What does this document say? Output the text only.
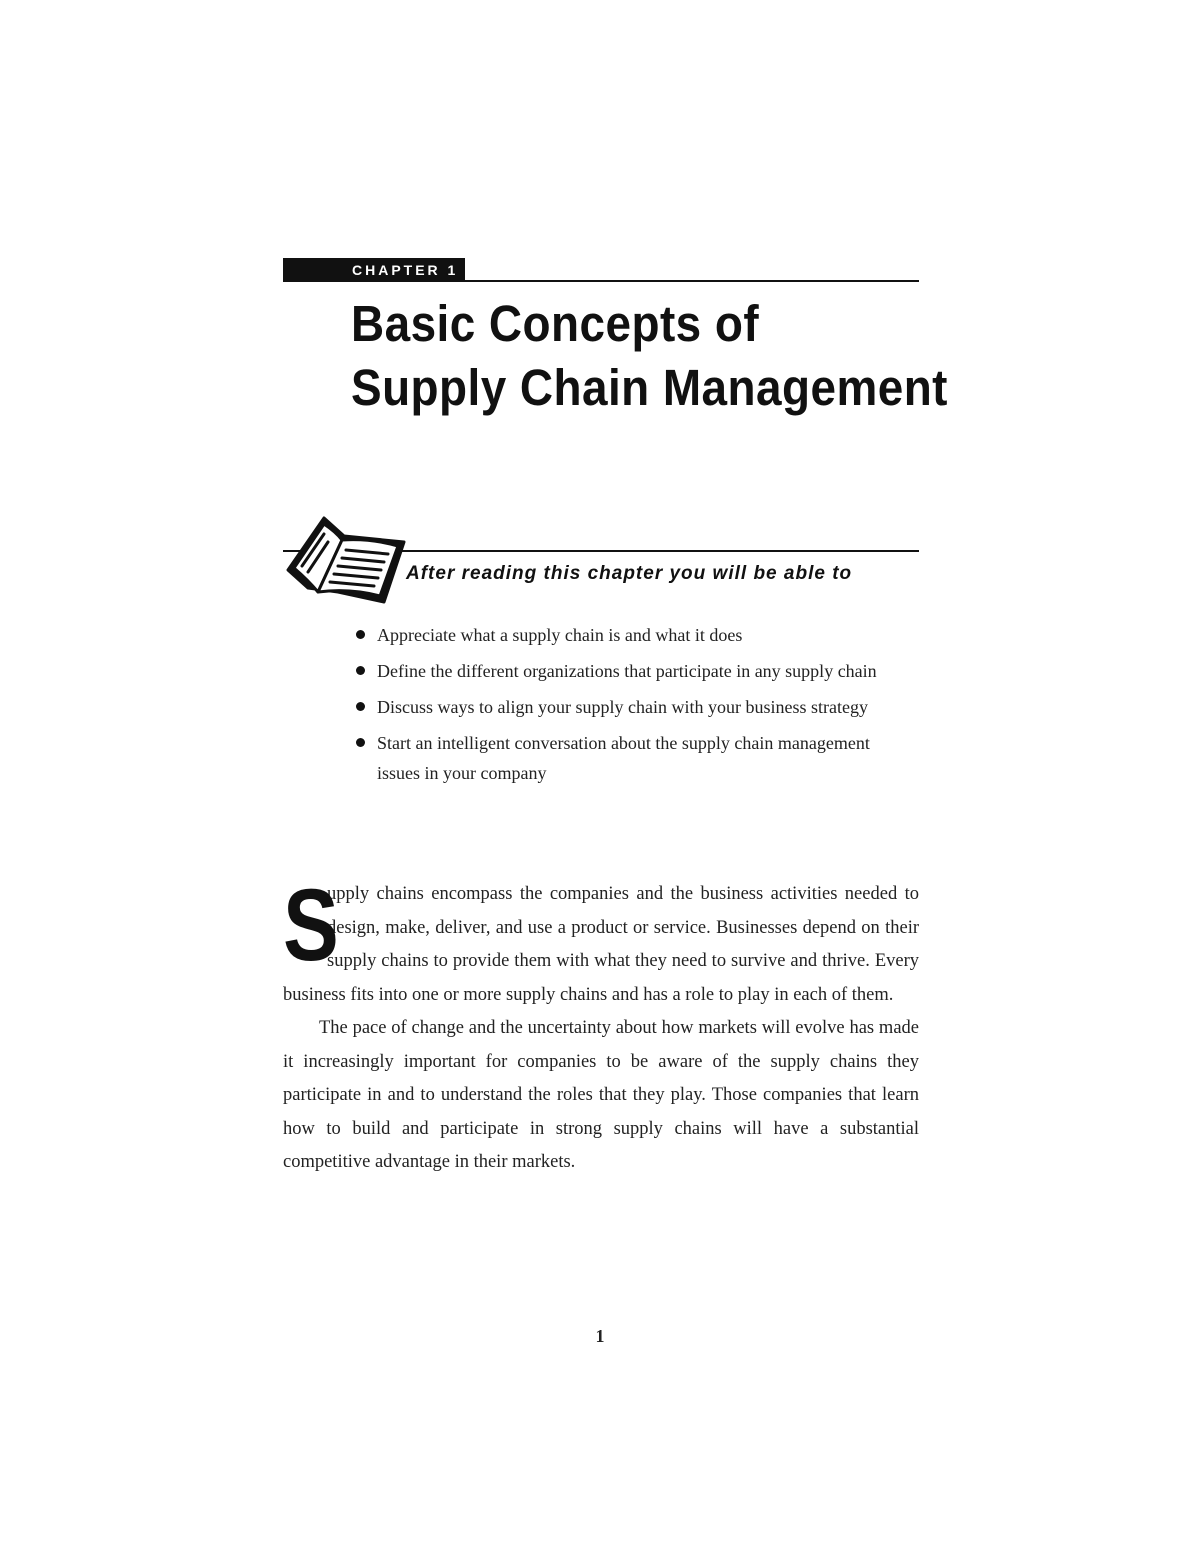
CHAPTER 1
Basic Concepts of
Supply Chain Management
After reading this chapter you will be able to
Appreciate what a supply chain is and what it does
Define the different organizations that participate in any supply chain
Discuss ways to align your supply chain with your business strategy
Start an intelligent conversation about the supply chain management issues in your company

S
upply chains encompass the companies and the business activities needed to design, make, deliver, and use a product or service. Businesses depend on their supply chains to provide them with what they need to survive and thrive. Every business fits into one or more supply chains and has a role to play in each of them.

The pace of change and the uncertainty about how markets will evolve has made it increasingly important for companies to be aware of the supply chains they participate in and to understand the roles that they play. Those companies that learn how to build and participate in strong supply chains will have a substantial competitive advantage in their markets.

1
